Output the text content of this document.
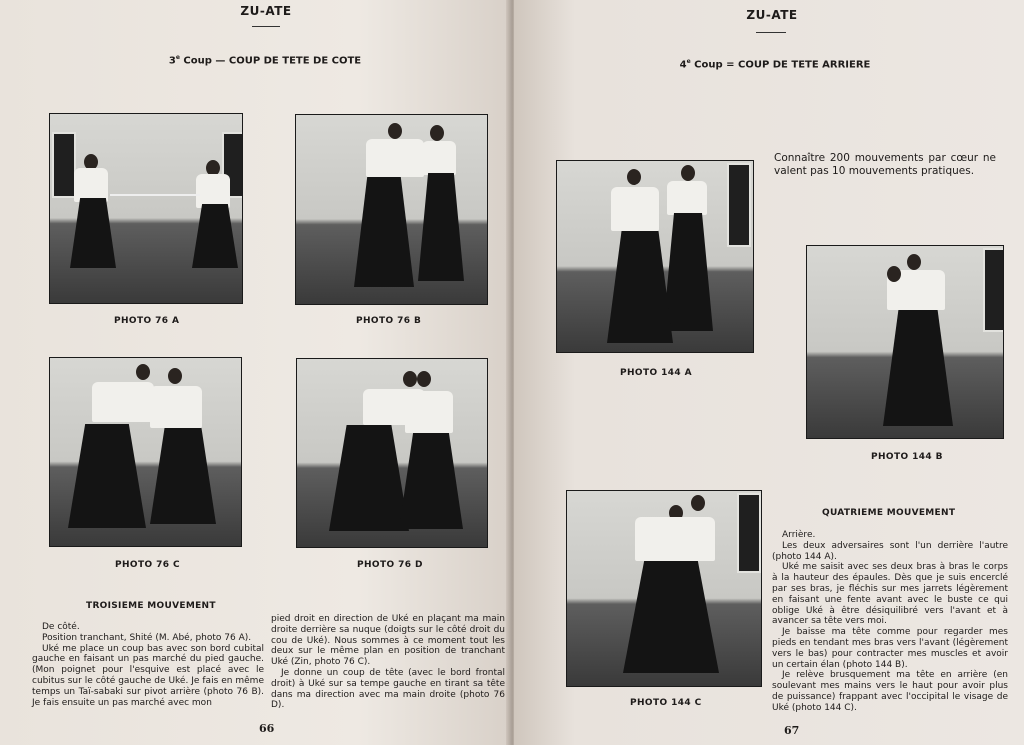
ZU-ATE
3e Coup — COUP DE TETE DE COTE
PHOTO 76 A	PHOTO 76 B
PHOTO 76 C	PHOTO 76 D
TROISIEME MOUVEMENT

De côté.

Position tranchant, Shité (M. Abé, photo 76 A).

Uké me place un coup bas avec son bord cubital gauche en faisant un pas marché du pied gauche. (Mon poignet pour l'esquive est placé avec le cubitus sur le côté gauche de Uké. Je fais en même temps un Taï-sabaki sur pivot arrière (photo 76 B). Je fais ensuite un pas marché avec mon

pied droit en direction de Uké en plaçant ma main droite derrière sa nuque (doigts sur le côté droit du cou de Uké). Nous sommes à ce moment tout les deux sur le même plan en position de tranchant Uké (Zin, photo 76 C).

Je donne un coup de tête (avec le bord frontal droit) à Uké sur sa tempe gauche en tirant sa tête dans ma direction avec ma main droite (photo 76 D).

66
ZU-ATE
4e Coup = COUP DE TETE ARRIERE
PHOTO 144 A
Connaître 200 mouvements par cœur ne valent pas 10 mouvements pratiques.
PHOTO 144 B
PHOTO 144 C
QUATRIEME MOUVEMENT

Arrière.

Les deux adversaires sont l'un derrière l'autre (photo 144 A).

Uké me saisit avec ses deux bras à bras le corps à la hauteur des épaules. Dès que je suis encerclé par ses bras, je fléchis sur mes jarrets légèrement en faisant une fente avant avec le buste ce qui oblige Uké à être désiquilibré vers l'avant et à avancer sa tête vers moi.

Je baisse ma tête comme pour regarder mes pieds en tendant mes bras vers l'avant (légèrement vers le bas) pour contracter mes muscles et avoir un certain élan (photo 144 B).

Je relève brusquement ma tête en arrière (en soulevant mes mains vers le haut pour avoir plus de puissance) frappant avec l'occipital le visage de Uké (photo 144 C).

67
